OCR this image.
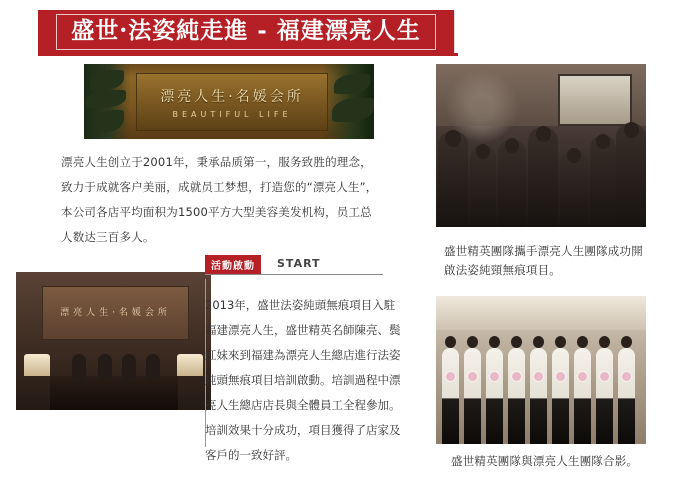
盛世·法姿純走進 - 福建漂亮人生
漂亮人生·名媛会所
BEAUTIFUL LIFE
漂亮人生创立于2001年，秉承品质第一，服务致胜的理念，致力于成就客户美丽，成就员工梦想，打造您的“漂亮人生”，本公司各店平均面积为1500平方大型美容美发机构，员工总人数达三百多人。
盛世精英團隊攜手漂亮人生團隊成功開啟法姿純頸無痕項目。
漂亮人生·名媛会所
活動啟動	START
2013年，盛世法姿純頭無痕項目入駐福建漂亮人生，盛世精英名師陳亮、鬓紅妹來到福建為漂亮人生總店進行法姿純頭無痕項目培訓啟動。培訓過程中漂亮人生總店店長與全體員工全程參加。培訓效果十分成功，項目獲得了店家及客戶的一致好評。	盛世精英團隊與漂亮人生團隊合影。
